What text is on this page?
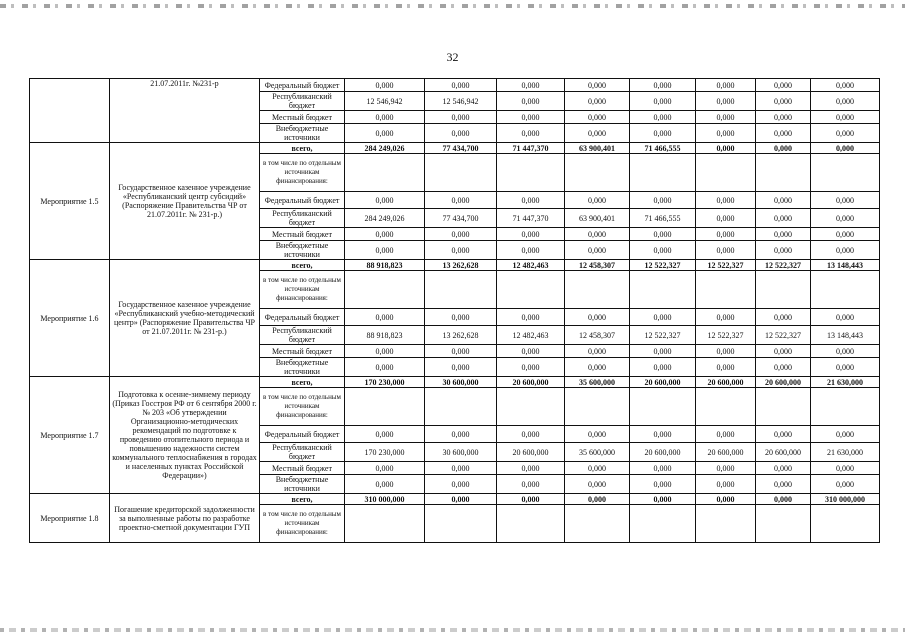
32
	21.07.2011г. №231-р	Федеральный бюджет	0,000	0,000	0,000	0,000	0,000	0,000	0,000	0,000
		Республиканский бюджет	12 546,942	12 546,942	0,000	0,000	0,000	0,000	0,000	0,000
		Местный бюджет	0,000	0,000	0,000	0,000	0,000	0,000	0,000	0,000
		Внебюджетные источники	0,000	0,000	0,000	0,000	0,000	0,000	0,000	0,000
Мероприятие 1.5	Государственное казенное учреждение «Республиканский центр субсидий» (Распоряжение Правительства ЧР от 21.07.2011г. № 231-р.)	всего,	284 249,026	77 434,700	71 447,370	63 900,401	71 466,555	0,000	0,000	0,000
		в том числе по отдельным источникам финансирования:								
		Федеральный бюджет	0,000	0,000	0,000	0,000	0,000	0,000	0,000	0,000
		Республиканский бюджет	284 249,026	77 434,700	71 447,370	63 900,401	71 466,555	0,000	0,000	0,000
		Местный бюджет	0,000	0,000	0,000	0,000	0,000	0,000	0,000	0,000
		Внебюджетные источники	0,000	0,000	0,000	0,000	0,000	0,000	0,000	0,000
Мероприятие 1.6	Государственное казенное учреждение «Республиканский учебно-методический центр» (Распоряжение Правительства ЧР от 21.07.2011г. № 231-р.)	всего,	88 918,823	13 262,628	12 482,463	12 458,307	12 522,327	12 522,327	12 522,327	13 148,443
		в том числе по отдельным источникам финансирования:								
		Федеральный бюджет	0,000	0,000	0,000	0,000	0,000	0,000	0,000	0,000
		Республиканский бюджет	88 918,823	13 262,628	12 482,463	12 458,307	12 522,327	12 522,327	12 522,327	13 148,443
		Местный бюджет	0,000	0,000	0,000	0,000	0,000	0,000	0,000	0,000
		Внебюджетные источники	0,000	0,000	0,000	0,000	0,000	0,000	0,000	0,000
Мероприятие 1.7	Подготовка к осенне-зимнему периоду (Приказ Госстроя РФ от 6 сентября 2000 г. № 203 «Об утверждении Организационно-методических рекомендаций по подготовке к проведению отопительного периода и повышению надежности систем коммунального теплоснабжения в городах и населенных пунктах Российской Федерации»)	всего,	170 230,000	30 600,000	20 600,000	35 600,000	20 600,000	20 600,000	20 600,000	21 630,000
		в том числе по отдельным источникам финансирования:								
		Федеральный бюджет	0,000	0,000	0,000	0,000	0,000	0,000	0,000	0,000
		Республиканский бюджет	170 230,000	30 600,000	20 600,000	35 600,000	20 600,000	20 600,000	20 600,000	21 630,000
		Местный бюджет	0,000	0,000	0,000	0,000	0,000	0,000	0,000	0,000
		Внебюджетные источники	0,000	0,000	0,000	0,000	0,000	0,000	0,000	0,000
Мероприятие 1.8	Погашение кредиторской задолженности за выполненные работы по разработке проектно-сметной документации ГУП	всего,	310 000,000	0,000	0,000	0,000	0,000	0,000	0,000	310 000,000
		в том числе по отдельным источникам финансирования:								
